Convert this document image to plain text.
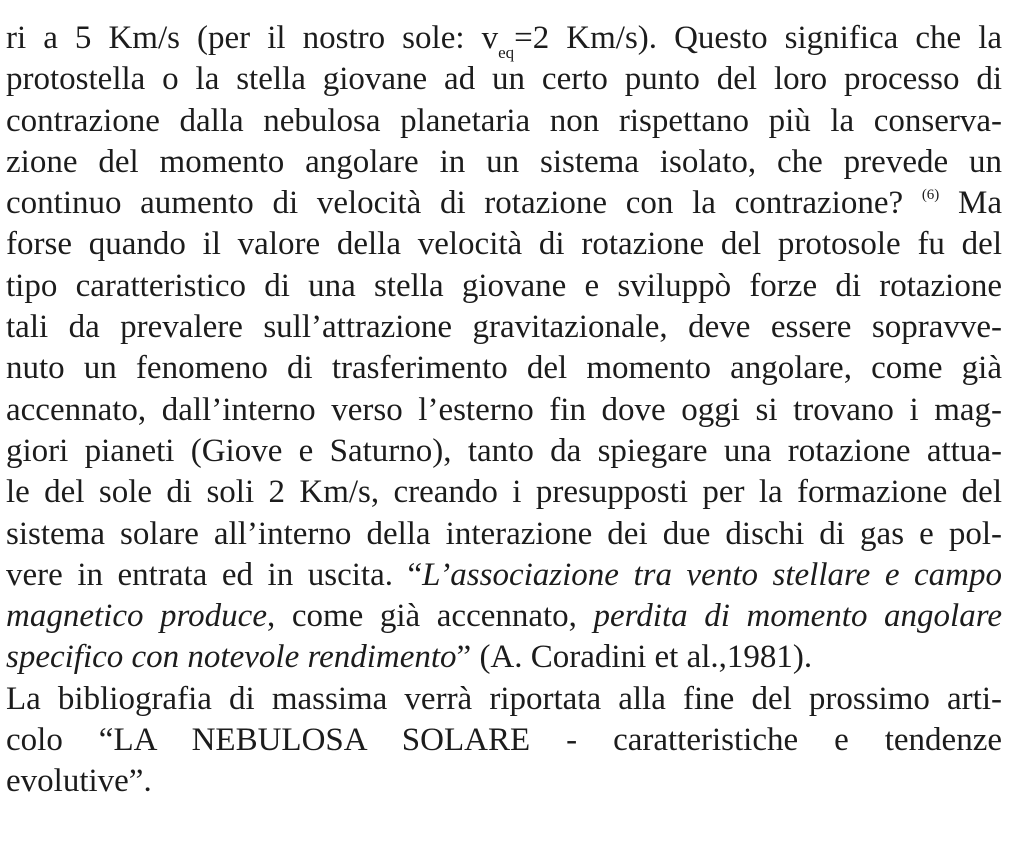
ri a 5 Km/s (per il nostro sole: $v_{eq}=2$ Km/s). Questo significa che la
protostella o la stella giovane ad un certo punto del loro processo di
contrazione dalla nebulosa planetaria non rispettano più la conserva-
zione del momento angolare in un sistema isolato, che prevede un
continuo aumento di velocità di rotazione con la contrazione? $^{(6)}$ Ma
forse quando il valore della velocità di rotazione del protosole fu del
tipo caratteristico di una stella giovane e sviluppò forze di rotazione
tali da prevalere sull’attrazione gravitazionale, deve essere sopravve-
nuto un fenomeno di trasferimento del momento angolare, come già
accennato, dall’interno verso l’esterno fin dove oggi si trovano i mag-
giori pianeti (Giove e Saturno), tanto da spiegare una rotazione attua-
le del sole di soli 2 Km/s, creando i presupposti per la formazione del
sistema solare all’interno della interazione dei due dischi di gas e pol-
vere in entrata ed in uscita. “L’associazione tra vento stellare e campo
magnetico produce, come già accennato, perdita di momento angolare
specifico con notevole rendimento” (A. Coradini et al.,1981).
La bibliografia di massima verrà riportata alla fine del prossimo arti-
colo “LA NEBULOSA SOLARE - caratteristiche e tendenze
evolutive”.
